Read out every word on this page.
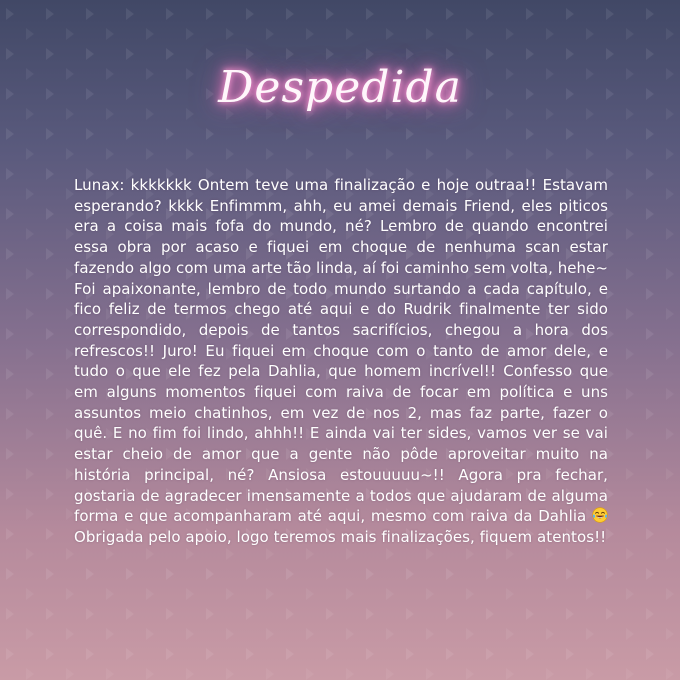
Despedida
Lunax: kkkkkkk Ontem teve uma finalização e hoje outraa!! Estavam esperando? kkkk Enfimmm, ahh, eu amei demais Friend, eles piticos era a coisa mais fofa do mundo, né? Lembro de quando encontrei essa obra por acaso e fiquei em choque de nenhuma scan estar fazendo algo com uma arte tão linda, aí foi caminho sem volta, hehe~ Foi apaixonante, lembro de todo mundo surtando a cada capítulo, e fico feliz de termos chego até aqui e do Rudrik finalmente ter sido correspondido, depois de tantos sacrifícios, chegou a hora dos refrescos!! Juro! Eu fiquei em choque com o tanto de amor dele, e tudo o que ele fez pela Dahlia, que homem incrível!! Confesso que em alguns momentos fiquei com raiva de focar em política e uns assuntos meio chatinhos, em vez de nos 2, mas faz parte, fazer o quê. E no fim foi lindo, ahhh!! E ainda vai ter sides, vamos ver se vai estar cheio de amor que a gente não pôde aproveitar muito na história principal, né? Ansiosa estouuuuu~!! Agora pra fechar, gostaria de agradecer imensamente a todos que ajudaram de alguma forma e que acompanharam até aqui, mesmo com raiva da Dahlia  Obrigada pelo apoio, logo teremos mais finalizações, fiquem atentos!!
